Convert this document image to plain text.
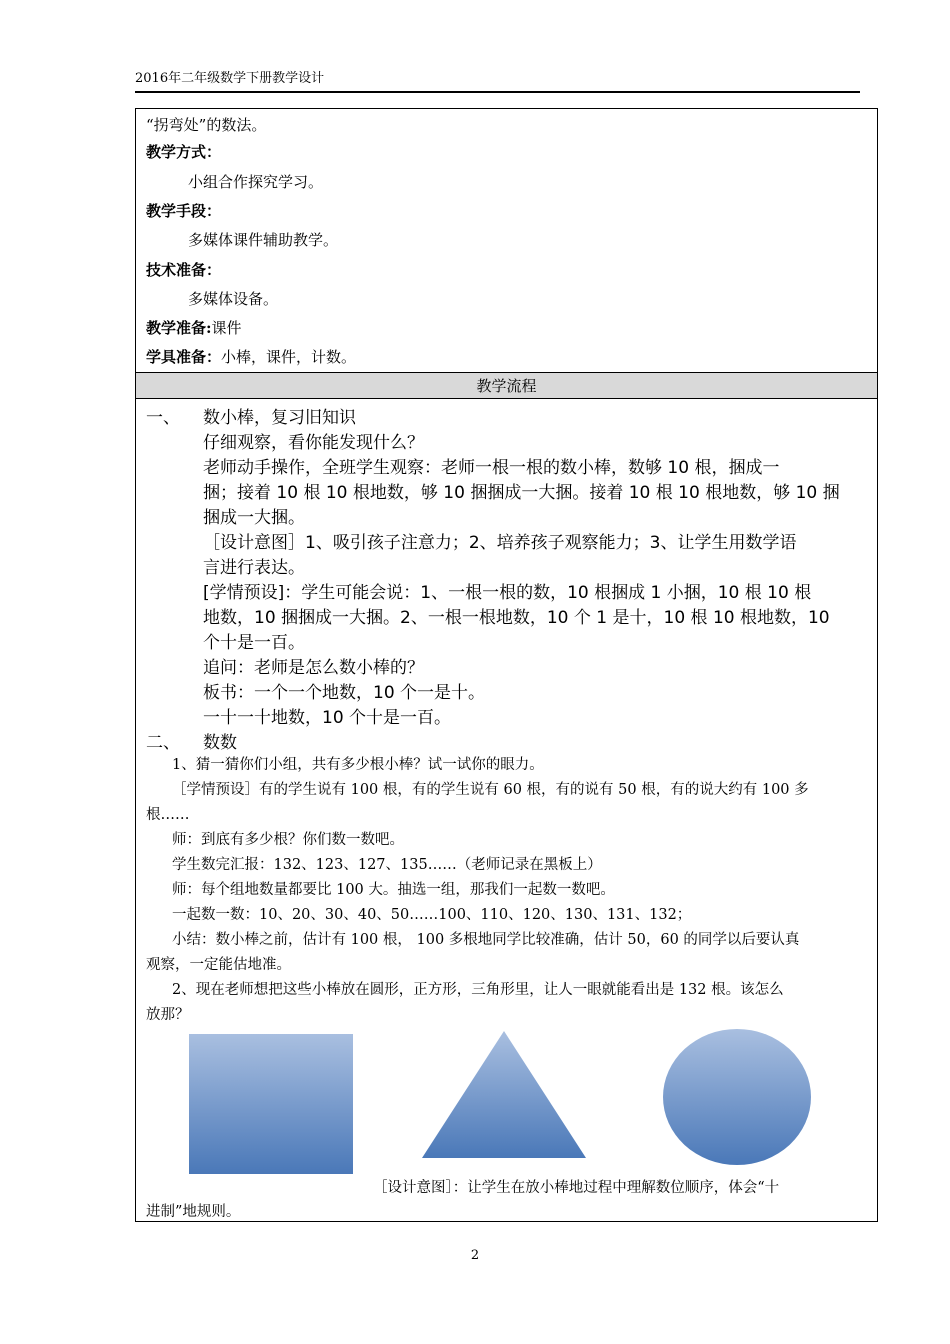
2016年二年级数学下册教学设计
“拐弯处”的数法。
教学方式：
小组合作探究学习。
教学手段：
多媒体课件辅助教学。
技术准备：
多媒体设备。
教学准备:课件
学具准备：小棒，课件，计数。
教学流程
一、 数小棒，复习旧知识
仔细观察，看你能发现什么？
老师动手操作，全班学生观察：老师一根一根的数小棒，数够 10 根，捆成一
捆；接着 10 根 10 根地数，够 10 捆捆成一大捆。接着 10 根 10 根地数，够 10 捆
捆成一大捆。
［设计意图］1、吸引孩子注意力；2、培养孩子观察能力；3、让学生用数学语
言进行表达。
[学情预设]：学生可能会说：1、一根一根的数，10 根捆成 1 小捆，10 根 10 根
地数，10 捆捆成一大捆。2、一根一根地数，10 个 1 是十，10 根 10 根地数，10
个十是一百。
追问：老师是怎么数小棒的？
板书：一个一个地数，10 个一是十。
一十一十地数，10 个十是一百。
二、 数数
1、猜一猜你们小组，共有多少根小棒？试一试你的眼力。
［学情预设］有的学生说有 100 根，有的学生说有 60 根，有的说有 50 根，有的说大约有 100 多
根……
师：到底有多少根？你们数一数吧。
学生数完汇报：132、123、127、135……（老师记录在黑板上）
师：每个组地数量都要比 100 大。抽选一组，那我们一起数一数吧。
一起数一数：10、20、30、40、50……100、110、120、130、131、132；
小结：数小棒之前，估计有 100 根， 100 多根地同学比较准确，估计 50，60 的同学以后要认真
观察，一定能估地准。
2、现在老师想把这些小棒放在圆形，正方形，三角形里，让人一眼就能看出是 132 根。该怎么
放那？
［设计意图］：让学生在放小棒地过程中理解数位顺序，体会“十
进制”地规则。
2
